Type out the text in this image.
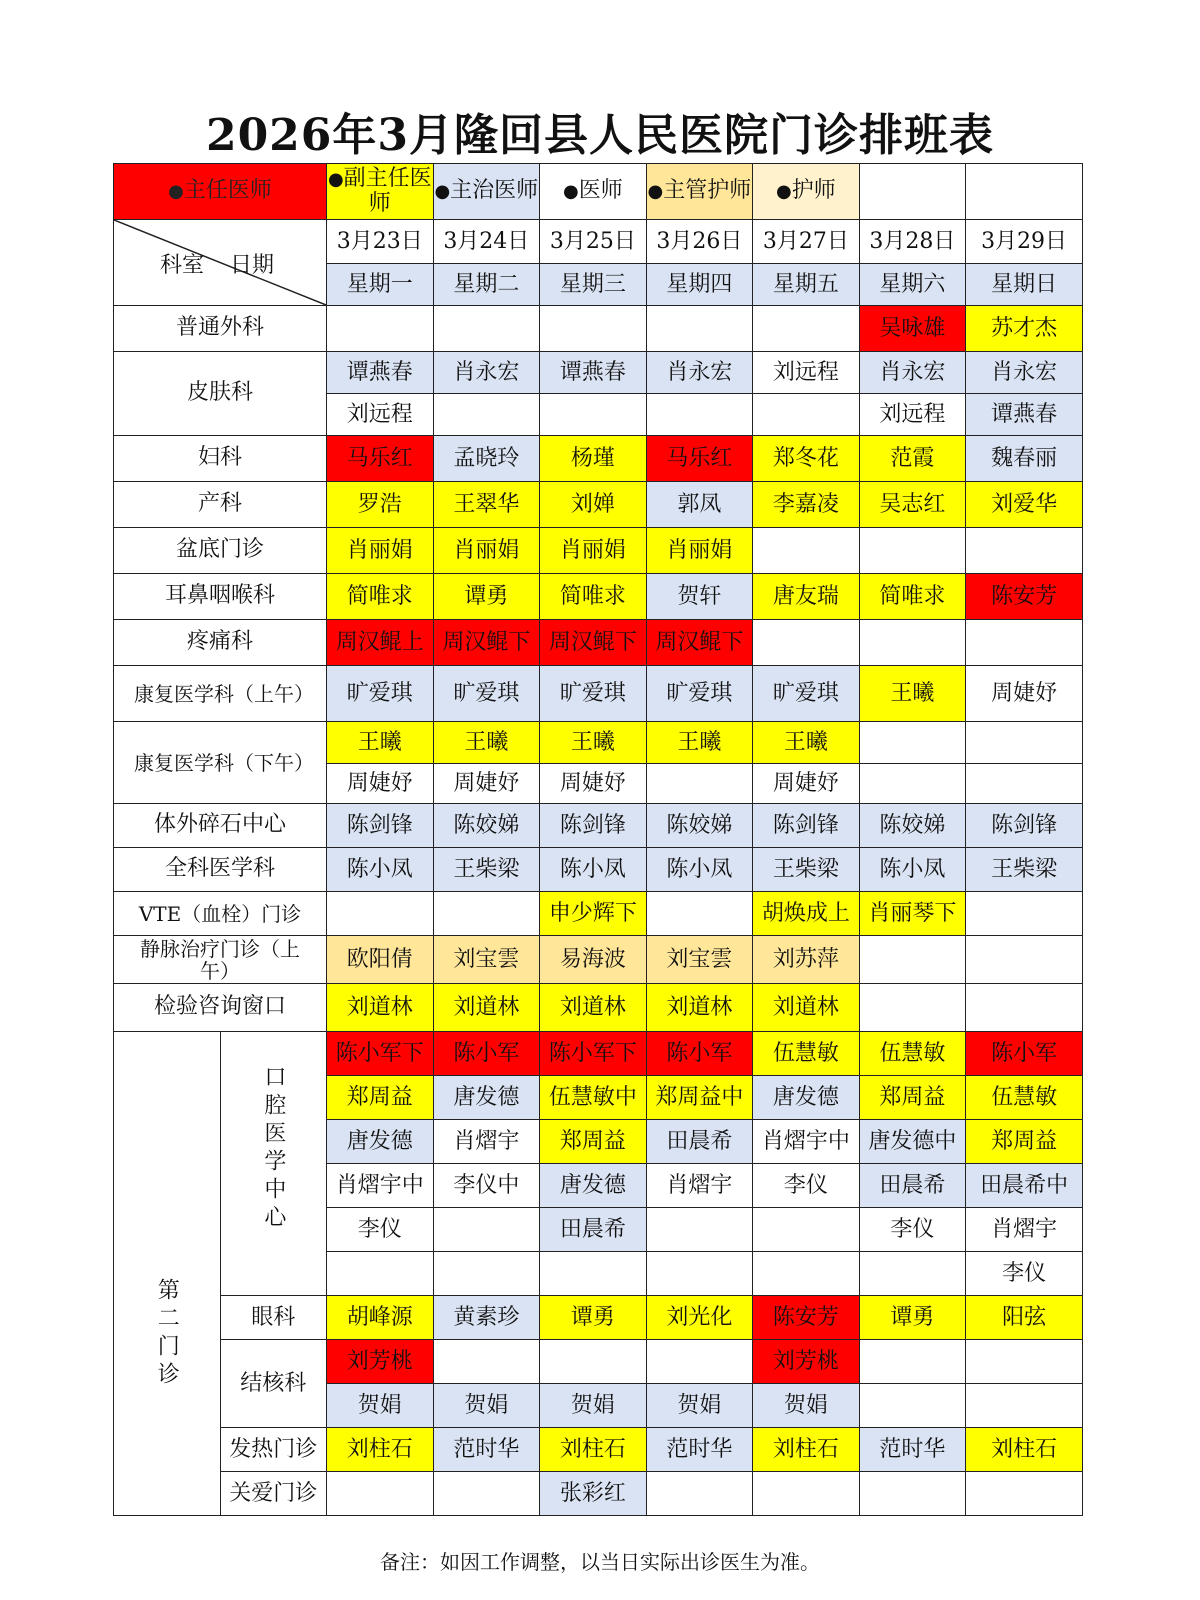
2026年3月隆回县人民医院门诊排班表
●主任医师		●副主任医师	●主治医师	●医师	●主管护师	●护师		

科室 日期		3月23日	3月24日	3月25日	3月26日	3月27日	3月28日	3月29日
		星期一	星期二	星期三	星期四	星期五	星期六	星期日
普通外科							吴咏雄	苏才杰
皮肤科		谭燕春	肖永宏	谭燕春	肖永宏	刘远程	肖永宏	肖永宏
		刘远程					刘远程	谭燕春
妇科		马乐红	孟晓玲	杨瑾	马乐红	郑冬花	范霞	魏春丽
产科		罗浩	王翠华	刘婵	郭凤	李嘉凌	吴志红	刘爱华
盆底门诊		肖丽娟	肖丽娟	肖丽娟	肖丽娟			
耳鼻咽喉科		简唯求	谭勇	简唯求	贺轩	唐友瑞	简唯求	陈安芳
疼痛科		周汉鲲上	周汉鲲下	周汉鲲下	周汉鲲下			
康复医学科（上午）		旷爱琪	旷爱琪	旷爱琪	旷爱琪	旷爱琪	王曦	周婕妤
康复医学科（下午）		王曦	王曦	王曦	王曦	王曦		
		周婕妤	周婕妤	周婕妤		周婕妤		
体外碎石中心		陈剑锋	陈姣娣	陈剑锋	陈姣娣	陈剑锋	陈姣娣	陈剑锋
全科医学科		陈小凤	王柴梁	陈小凤	陈小凤	王柴梁	陈小凤	王柴梁
VTE（血栓）门诊				申少辉下		胡焕成上	肖丽琴下	
静脉治疗门诊（上午）		欧阳倩	刘宝雲	易海波	刘宝雲	刘苏萍		
检验咨询窗口		刘道林	刘道林	刘道林	刘道林	刘道林		

第二门诊	口腔医学中心	陈小军下	陈小军	陈小军下	陈小军	伍慧敏	伍慧敏	陈小军
		郑周益	唐发德	伍慧敏中	郑周益中	唐发德	郑周益	伍慧敏
		唐发德	肖熠宇	郑周益	田晨希	肖熠宇中	唐发德中	郑周益
		肖熠宇中	李仪中	唐发德	肖熠宇	李仪	田晨希	田晨希中
		李仪		田晨希			李仪	肖熠宇
								李仪
	眼科	胡峰源	黄素珍	谭勇	刘光化	陈安芳	谭勇	阳弦
	结核科	刘芳桃				刘芳桃		
		贺娟	贺娟	贺娟	贺娟	贺娟		
	发热门诊	刘柱石	范时华	刘柱石	范时华	刘柱石	范时华	刘柱石
	关爱门诊			张彩红				
备注：如因工作调整，以当日实际出诊医生为准。
